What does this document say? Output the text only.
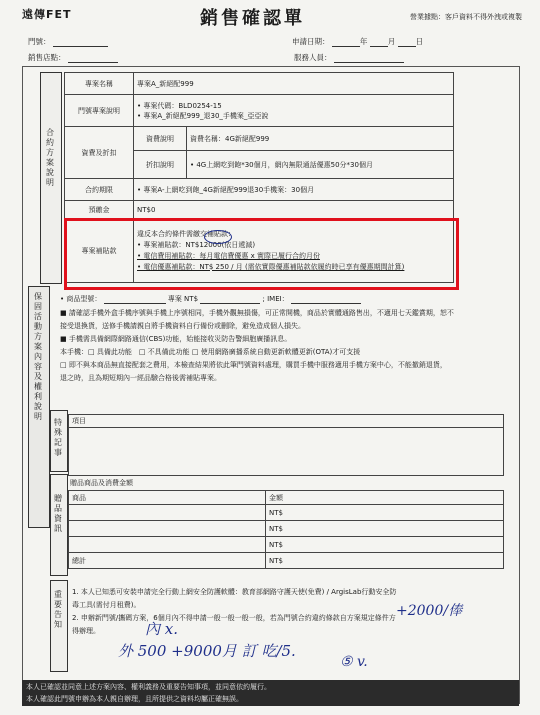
遠傳FET	銷售確認單	營業據點：客戶資料不得外洩或複製
門號：
銷售店點：
申請日期：	年	月	日
服務人員：
合約方案說明
專案名稱	專案A_新絕配999	
門號專案說明	• 專案代碼：BLD0254-15
• 專案A_新絕配999_退30_手機案_亞亞說	

資費及折扣	資費說明	資費名稱：4G新絕配999
	折扣說明	• 4G上網吃到飽*30個月，網內無限通話優惠50分*30個月
合約期限	• 專案A-上網吃到飽_4G新絕配999退30手機案：30個月	
預繳金	NT$0	
專案補貼款	違反本合約條件需繳交補貼款：
• 專案補貼款：NT$12000(依日遞減)
• 電信費用補貼款：每月電信費優惠 x 實際已履行合約月份
• 電信優惠補貼款：NT$ 250 / 月 (需依實際優惠補貼款依履約時已享有優惠期間計算)	
保固活動方案內容及權利說明
• 商品型號：	專案 NT$	; IMEI：
■ 請確認手機外盒手機序號與手機上序號相同，手機外觀無損傷，可正常開機，商品於實體通路售出，不適用七天鑑賞期，恕不
接受退換貨，送修手機請親自將手機資料自行備份或刪除，避免造成個人損失。
■ 手機需具備網際網路通信(CBS)功能，始能接收災防告警細胞廣播訊息。
本手機：□ 具備此功能　□ 不具備此功能 □ 使用網路廣播系統自動更新軟體更新(OTA)才可支援
□ 即不與本商品無直接配套之費用，本檢查結果將依此筆門號資料處理，購買手機中服務適用手機方案中心，不能撤銷退貨，
退之時，且為期短期內一經品驗合格後需補貼專案。
特殊記事
項目

贈品資訊
贈品商品及消費金額
商品	金額
	NT$
	NT$
	NT$
總計	NT$
重要告知
1. 本人已知悉可安裝申請完全行動上網安全防護軟體：教育部網路守護天使(免費) / ArgisLab行動安全防毒工具(需付月租費)。
2. 申辦新門號/攜碼方案，6個月內不得申請一般一般一般一般，若為門號合約違約條款自方案規定條件方得辦理。
+2000/俸
內 x.
外 500 +9000月 訂 吃/5.
⑤ v.
本人已確認並同意上述方案內容、權利義務及重要告知事項，並同意依約履行。
本人確認此門號申辦為本人親自辦理，且所提供之資料均屬正確無誤。
